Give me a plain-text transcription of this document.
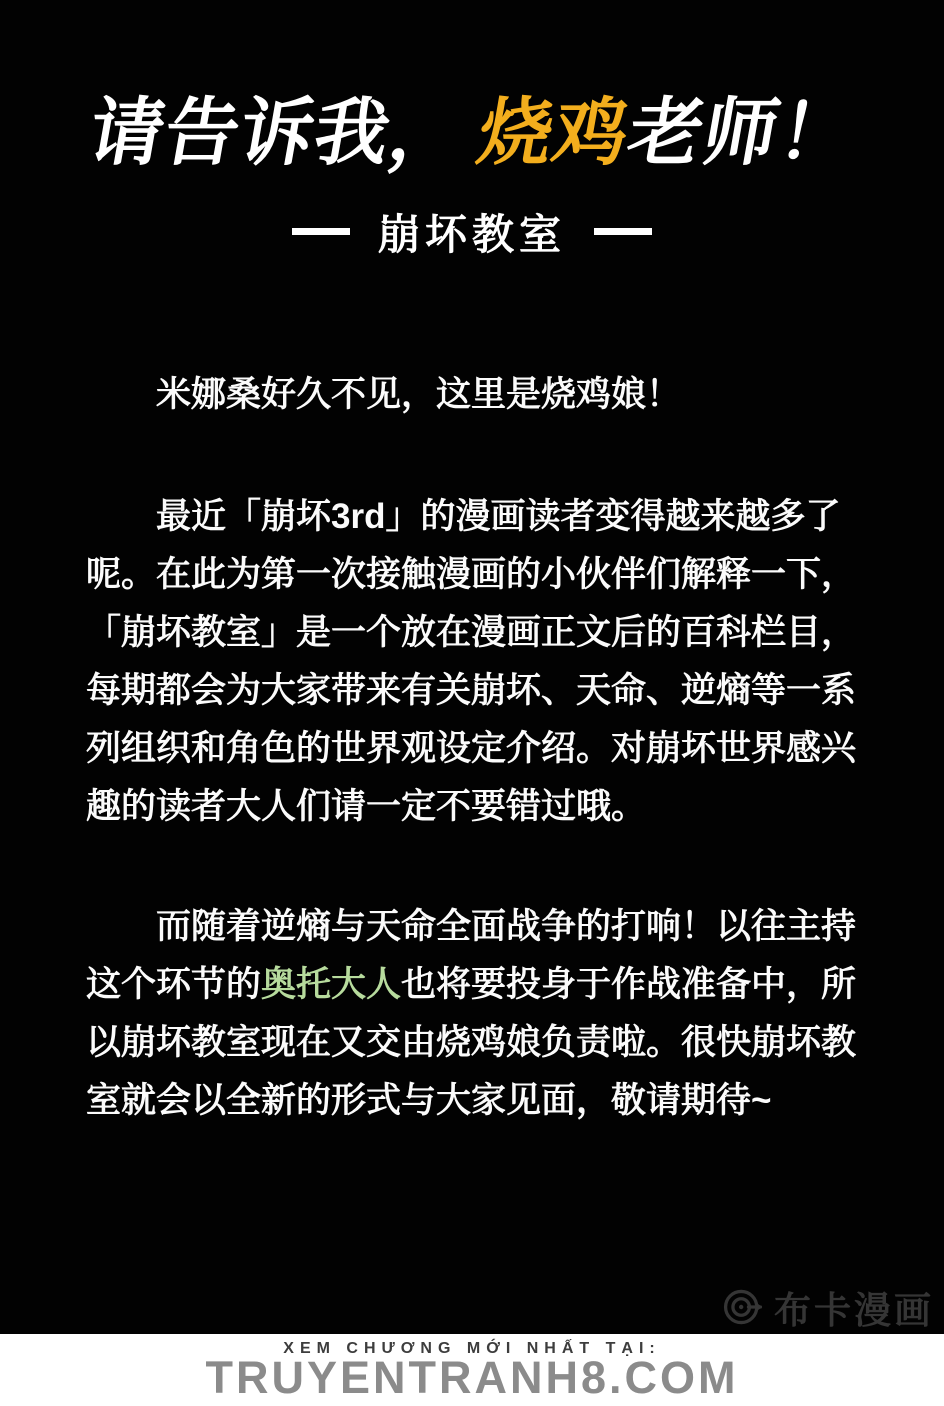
请告诉我，烧鸡老师！
崩坏教室
米娜桑好久不见，这里是烧鸡娘！
最近「崩坏3rd」的漫画读者变得越来越多了
呢。在此为第一次接触漫画的小伙伴们解释一下，
「崩坏教室」是一个放在漫画正文后的百科栏目，
每期都会为大家带来有关崩坏、天命、逆熵等一系
列组织和角色的世界观设定介绍。对崩坏世界感兴
趣的读者大人们请一定不要错过哦。
而随着逆熵与天命全面战争的打响！以往主持
这个环节的奥托大人也将要投身于作战准备中，所
以崩坏教室现在又交由烧鸡娘负责啦。很快崩坏教
室就会以全新的形式与大家见面，敬请期待~
布卡漫画
XEM CHƯƠNG MỚI NHẤT TẠI:
TRUYENTRANH8.COM
